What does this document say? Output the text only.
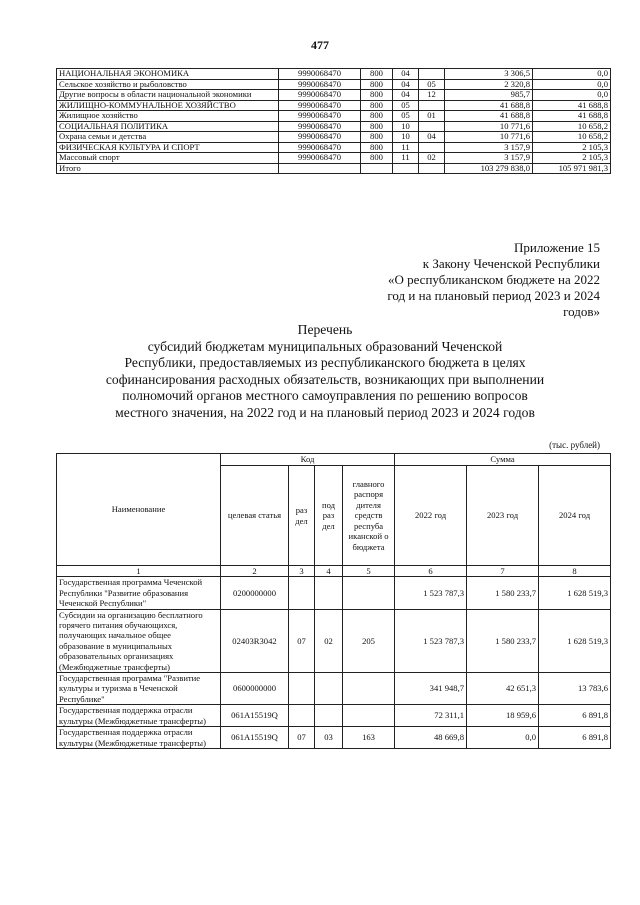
477
НАЦИОНАЛЬНАЯ ЭКОНОМИКА	9990068470	800	04		3 306,5	0,0
Сельское хозяйство и рыболовство	9990068470	800	04	05	2 320,8	0,0
Другие вопросы в области национальной экономики	9990068470	800	04	12	985,7	0,0
ЖИЛИЩНО-КОММУНАЛЬНОЕ ХОЗЯЙСТВО	9990068470	800	05		41 688,8	41 688,8
Жилищное хозяйство	9990068470	800	05	01	41 688,8	41 688,8
СОЦИАЛЬНАЯ ПОЛИТИКА	9990068470	800	10		10 771,6	10 658,2
Охрана семьи и детства	9990068470	800	10	04	10 771,6	10 658,2
ФИЗИЧЕСКАЯ КУЛЬТУРА И СПОРТ	9990068470	800	11		3 157,9	2 105,3
Массовый спорт	9990068470	800	11	02	3 157,9	2 105,3
Итого					103 279 838,0	105 971 981,3
Приложение 15
к Закону Чеченской Республики
«О республиканском бюджете на 2022
год и на плановый период 2023 и 2024
годов»
Перечень
субсидий бюджетам муниципальных образований Чеченской
Республики, предоставляемых из республиканского бюджета в целях
софинансирования расходных обязательств, возникающих при выполнении
полномочий органов местного самоуправления по решению вопросов
местного значения, на 2022 год и на плановый период 2023 и 2024 годов
(тыс. рублей)
Наименование	Код				Сумма		
	целевая статья	раз дел	под раз дел	главного распоря дителя средств респуба иканской о бюджета	2022 год	2023 год	2024 год
1	2	3	4	5	6	7	8
Государственная программа Чеченской Республики "Развитие образования Чеченской Республики"	0200000000				1 523 787,3	1 580 233,7	1 628 519,3
Субсидии на организацию бесплатного горячего питания обучающихся, получающих начальное общее образование в муниципальных образовательных организациях (Межбюджетные трансферты)	02403R3042	07	02	205	1 523 787,3	1 580 233,7	1 628 519,3
Государственная программа "Развитие культуры и туризма в Чеченской Республике"	0600000000				341 948,7	42 651,3	13 783,6
Государственная поддержка отрасли культуры (Межбюджетные трансферты)	061A15519Q				72 311,1	18 959,6	6 891,8
Государственная поддержка отрасли культуры (Межбюджетные трансферты)	061A15519Q	07	03	163	48 669,8	0,0	6 891,8
